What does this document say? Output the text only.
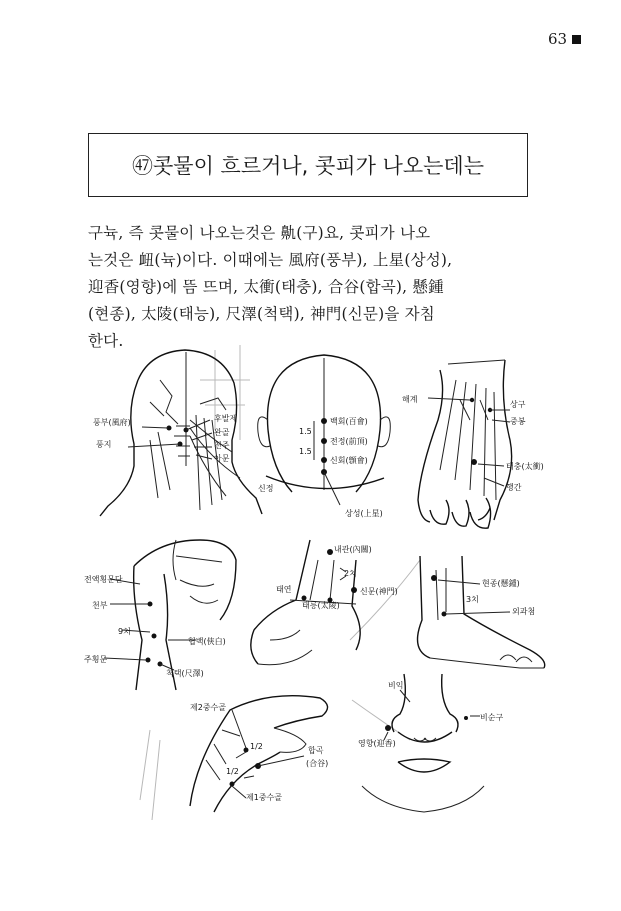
63
㊼콧물이 흐르거나, 콧피가 나오는데는

구뉵, 즉 콧물이 나오는것은 鼽(구)요, 콧피가 나오

는것은 衄(뉵)이다. 이때에는 風府(풍부), 上星(상성),

迎香(영향)에 뜸 뜨며, 太衝(태충), 合谷(합곡), 懸鍾

(현종), 太陵(태능), 尺澤(척택), 神門(신문)을 자침

한다.

풍부(風府)
풍지
후발제
완골
천주
아문
백회(百會)
전정(前頂)
신회(顖會)
1.5
1.5
신정
상성(上星)
해계
상구
중봉
태충(太衝)
행간
전액횡문단
천부
9치
협백(俠白)
주횡문
척택(尺澤)
내관(內關)
2치
태연
태릉(太陵)
신문(神門)
현종(懸鍾)
3치
외과첨
제2중수골
1/2
1/2
합곡
(合谷)
제1중수골
비익
비순구
영향(迎香)
